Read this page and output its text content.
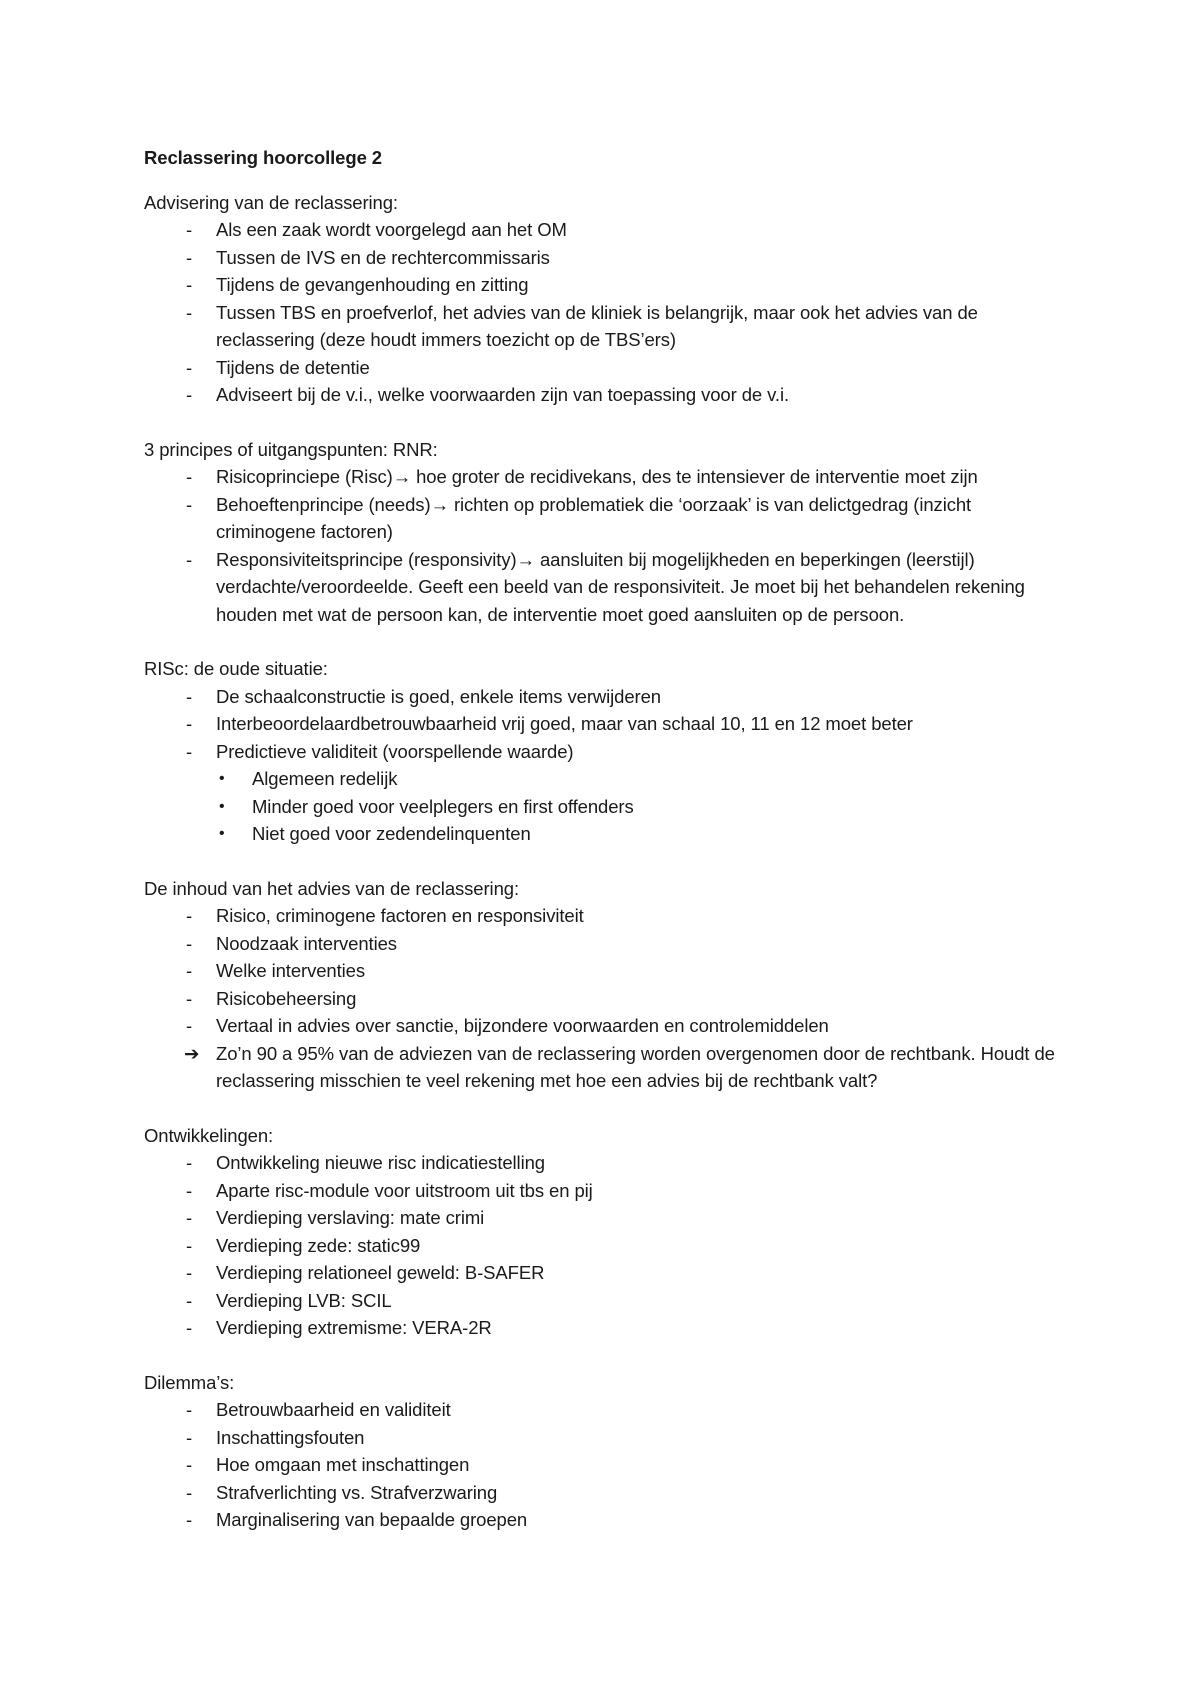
Reclassering hoorcollege 2
Advisering van de reclassering:
- Als een zaak wordt voorgelegd aan het OM
- Tussen de IVS en de rechtercommissaris
- Tijdens de gevangenhouding en zitting
- Tussen TBS en proefverlof, het advies van de kliniek is belangrijk, maar ook het advies van de reclassering (deze houdt immers toezicht op de TBS’ers)
- Tijdens de detentie
- Adviseert bij de v.i., welke voorwaarden zijn van toepassing voor de v.i.
3 principes of uitgangspunten: RNR:
- Risicoprinciepe (Risc)→ hoe groter de recidivekans, des te intensiever de interventie moet zijn
- Behoeftenprincipe (needs)→ richten op problematiek die ‘oorzaak’ is van delictgedrag (inzicht criminogene factoren)
- Responsiviteitsprincipe (responsivity)→ aansluiten bij mogelijkheden en beperkingen (leerstijl) verdachte/veroordeelde. Geeft een beeld van de responsiviteit. Je moet bij het behandelen rekening houden met wat de persoon kan, de interventie moet goed aansluiten op de persoon.
RISc: de oude situatie:
- De schaalconstructie is goed, enkele items verwijderen
- Interbeoordelaardbetrouwbaarheid vrij goed, maar van schaal 10, 11 en 12 moet beter
- Predictieve validiteit (voorspellende waarde)
• Algemeen redelijk
• Minder goed voor veelplegers en first offenders
• Niet goed voor zedendelinquenten
De inhoud van het advies van de reclassering:
- Risico, criminogene factoren en responsiviteit
- Noodzaak interventies
- Welke interventies
- Risicobeheersing
- Vertaal in advies over sanctie, bijzondere voorwaarden en controlemiddelen
➔ Zo’n 90 a 95% van de adviezen van de reclassering worden overgenomen door de rechtbank. Houdt de reclassering misschien te veel rekening met hoe een advies bij de rechtbank valt?
Ontwikkelingen:
- Ontwikkeling nieuwe risc indicatiestelling
- Aparte risc-module voor uitstroom uit tbs en pij
- Verdieping verslaving: mate crimi
- Verdieping zede: static99
- Verdieping relationeel geweld: B-SAFER
- Verdieping LVB: SCIL
- Verdieping extremisme: VERA-2R
Dilemma’s:
- Betrouwbaarheid en validiteit
- Inschattingsfouten
- Hoe omgaan met inschattingen
- Strafverlichting vs. Strafverzwaring
- Marginalisering van bepaalde groepen
